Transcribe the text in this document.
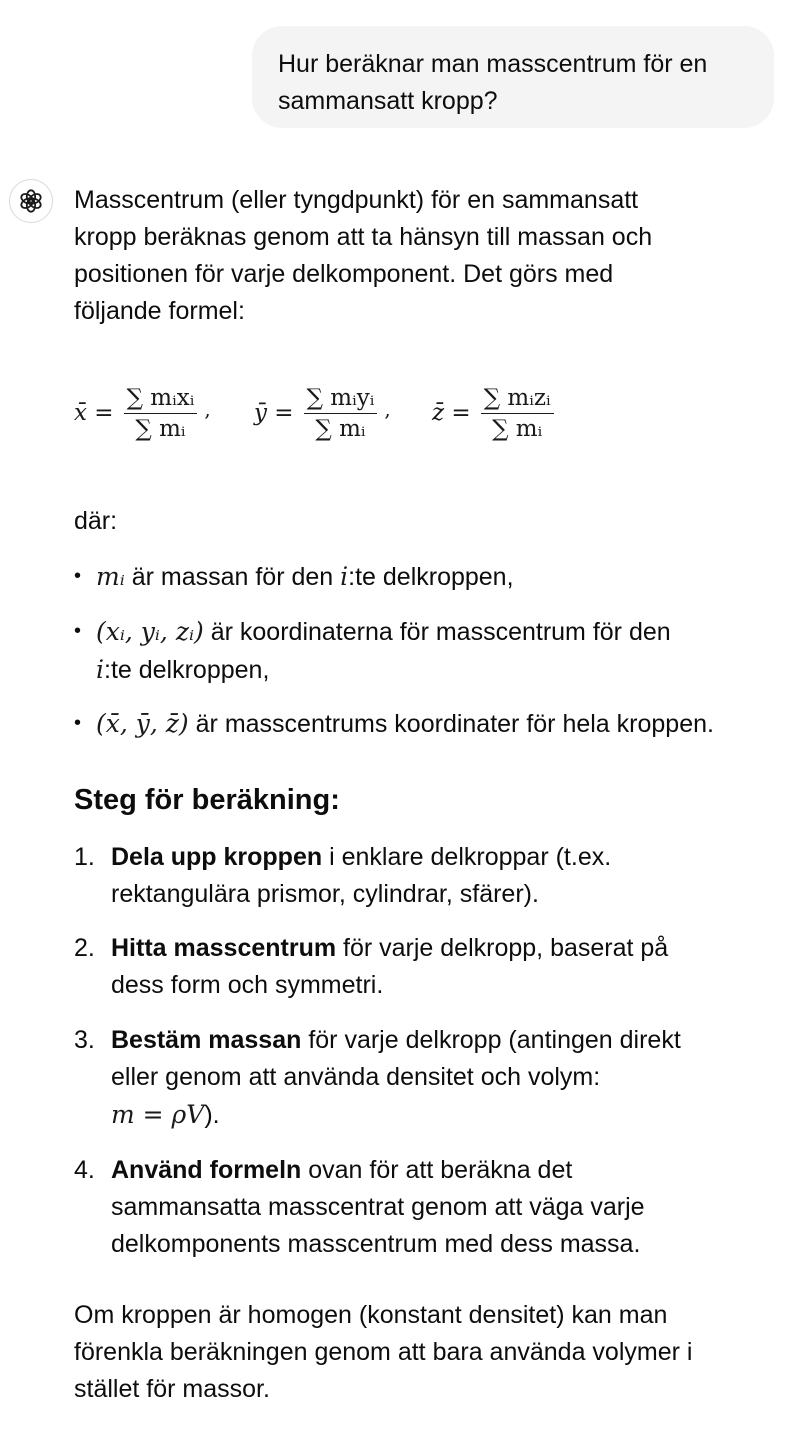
Hur beräknar man masscentrum för en
sammansatt kropp?
Masscentrum (eller tyngdpunkt) för en sammansatt
kropp beräknas genom att ta hänsyn till massan och
positionen för varje delkomponent. Det görs med
följande formel:
x̄ = $\frac{\text{∑ mᵢxᵢ}}{\text{∑ mᵢ}}$ , ȳ = $\frac{\text{∑ mᵢyᵢ}}{\text{∑ mᵢ}}$ , z̄ = $\frac{\text{∑ mᵢzᵢ}}{\text{∑ mᵢ}}$
där:
• mᵢ är massan för den i:te delkroppen,
• (xᵢ, yᵢ, zᵢ) är koordinaterna för masscentrum för den
i:te delkroppen,
• (x̄, ȳ, z̄) är masscentrums koordinater för hela kroppen.
Steg för beräkning:
1. Dela upp kroppen i enklare delkroppar (t.ex.
rektangulära prismor, cylindrar, sfärer).
2. Hitta masscentrum för varje delkropp, baserat på
dess form och symmetri.
3. Bestäm massan för varje delkropp (antingen direkt
eller genom att använda densitet och volym:
m = ρV).
4. Använd formeln ovan för att beräkna det
sammansatta masscentrat genom att väga varje
delkomponents masscentrum med dess massa.
Om kroppen är homogen (konstant densitet) kan man
förenkla beräkningen genom att bara använda volymer i
stället för massor.
